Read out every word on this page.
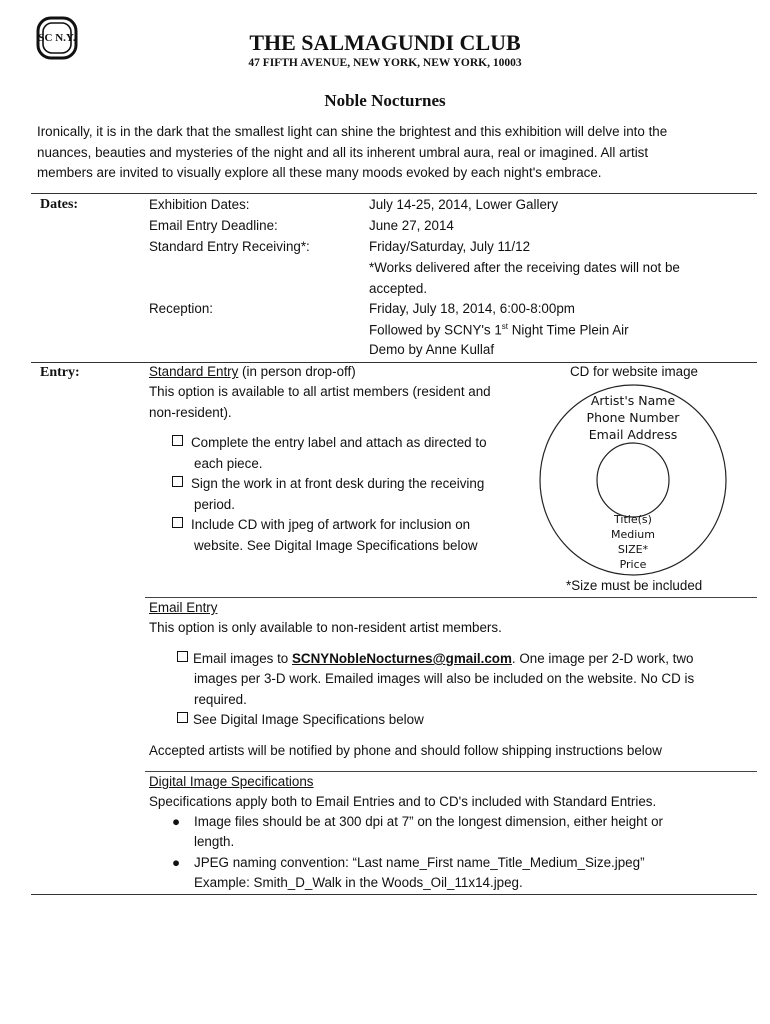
SC N.Y.	THE SALMAGUNDI CLUB
47 FIFTH AVENUE, NEW YORK, NEW YORK, 10003
Noble Nocturnes
Ironically, it is in the dark that the smallest light can shine the brightest and this exhibition will delve into the
nuances, beauties and mysteries of the night and all its inherent umbral aura, real or imagined. All artist
members are invited to visually explore all these many moods evoked by each night's embrace.
Dates:	Exhibition Dates:	July 14-25, 2014, Lower Gallery
Email Entry Deadline:	June 27, 2014
Standard Entry Receiving*:	Friday/Saturday, July 11/12
*Works delivered after the receiving dates will not be
accepted.
Reception:	Friday, July 18, 2014, 6:00-8:00pm
Followed by SCNY's 1st Night Time Plein Air
Demo by Anne Kullaf
Entry:	Standard Entry (in person drop-off)
This option is available to all artist members (resident and
non-resident).
Complete the entry label and attach as directed to
each piece.
Sign the work in at front desk during the receiving
period.
Include CD with jpeg of artwork for inclusion on
website. See Digital Image Specifications below
CD for website image
Artist's Name
Phone Number
Email Address
Title(s)
Medium
SIZE*
Price
*Size must be included
Email Entry
This option is only available to non-resident artist members.
Email images to SCNYNobleNocturnes@gmail.com. One image per 2-D work, two
images per 3-D work. Emailed images will also be included on the website. No CD is
required.
See Digital Image Specifications below
Accepted artists will be notified by phone and should follow shipping instructions below
Digital Image Specifications
Specifications apply both to Email Entries and to CD's included with Standard Entries.
● Image files should be at 300 dpi at 7” on the longest dimension, either height or
length.
● JPEG naming convention: “Last name_First name_Title_Medium_Size.jpeg”
Example: Smith_D_Walk in the Woods_Oil_11x14.jpeg.
